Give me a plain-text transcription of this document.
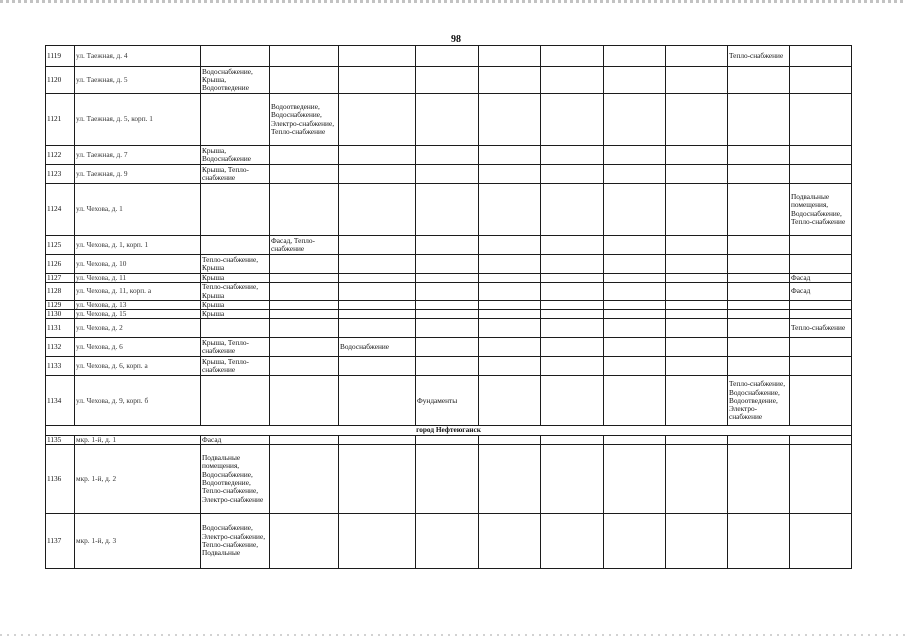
98
1119	ул. Таежная, д. 4									Тепло-снабжение	
1120	ул. Таежная, д. 5	Водоснабжение, Крыша, Водоотведение									
1121	ул. Таежная, д. 5, корп. 1		Водоотведение, Водоснабжение, Электро-снабжение, Тепло-снабжение								
1122	ул. Таежная, д. 7	Крыша, Водоснабжение									
1123	ул. Таежная, д. 9	Крыша, Тепло-снабжение									
1124	ул. Чехова, д. 1										Подвальные помещения, Водоснабжение, Тепло-снабжение
1125	ул. Чехова, д. 1, корп. 1		Фасад, Тепло-снабжение								
1126	ул. Чехова, д. 10	Тепло-снабжение, Крыша									
1127	ул. Чехова, д. 11	Крыша									Фасад
1128	ул. Чехова, д. 11, корп. а	Тепло-снабжение, Крыша									Фасад
1129	ул. Чехова, д. 13	Крыша									
1130	ул. Чехова, д. 15	Крыша									
1131	ул. Чехова, д. 2										Тепло-снабжение
1132	ул. Чехова, д. 6	Крыша, Тепло-снабжение		Водоснабжение							
1133	ул. Чехова, д. 6, корп. а	Крыша, Тепло-снабжение									
1134	ул. Чехова, д. 9, корп. б				Фундаменты					Тепло-снабжение, Водоснабжение, Водоотведение, Электро-снабжение	
город Нефтеюганск											
1135	мкр. 1-й, д. 1	Фасад									
1136	мкр. 1-й, д. 2	Подвальные помещения, Водоснабжение, Водоотведение, Тепло-снабжение, Электро-снабжение									
1137	мкр. 1-й, д. 3	Водоснабжение, Электро-снабжение, Тепло-снабжение, Подвальные									
